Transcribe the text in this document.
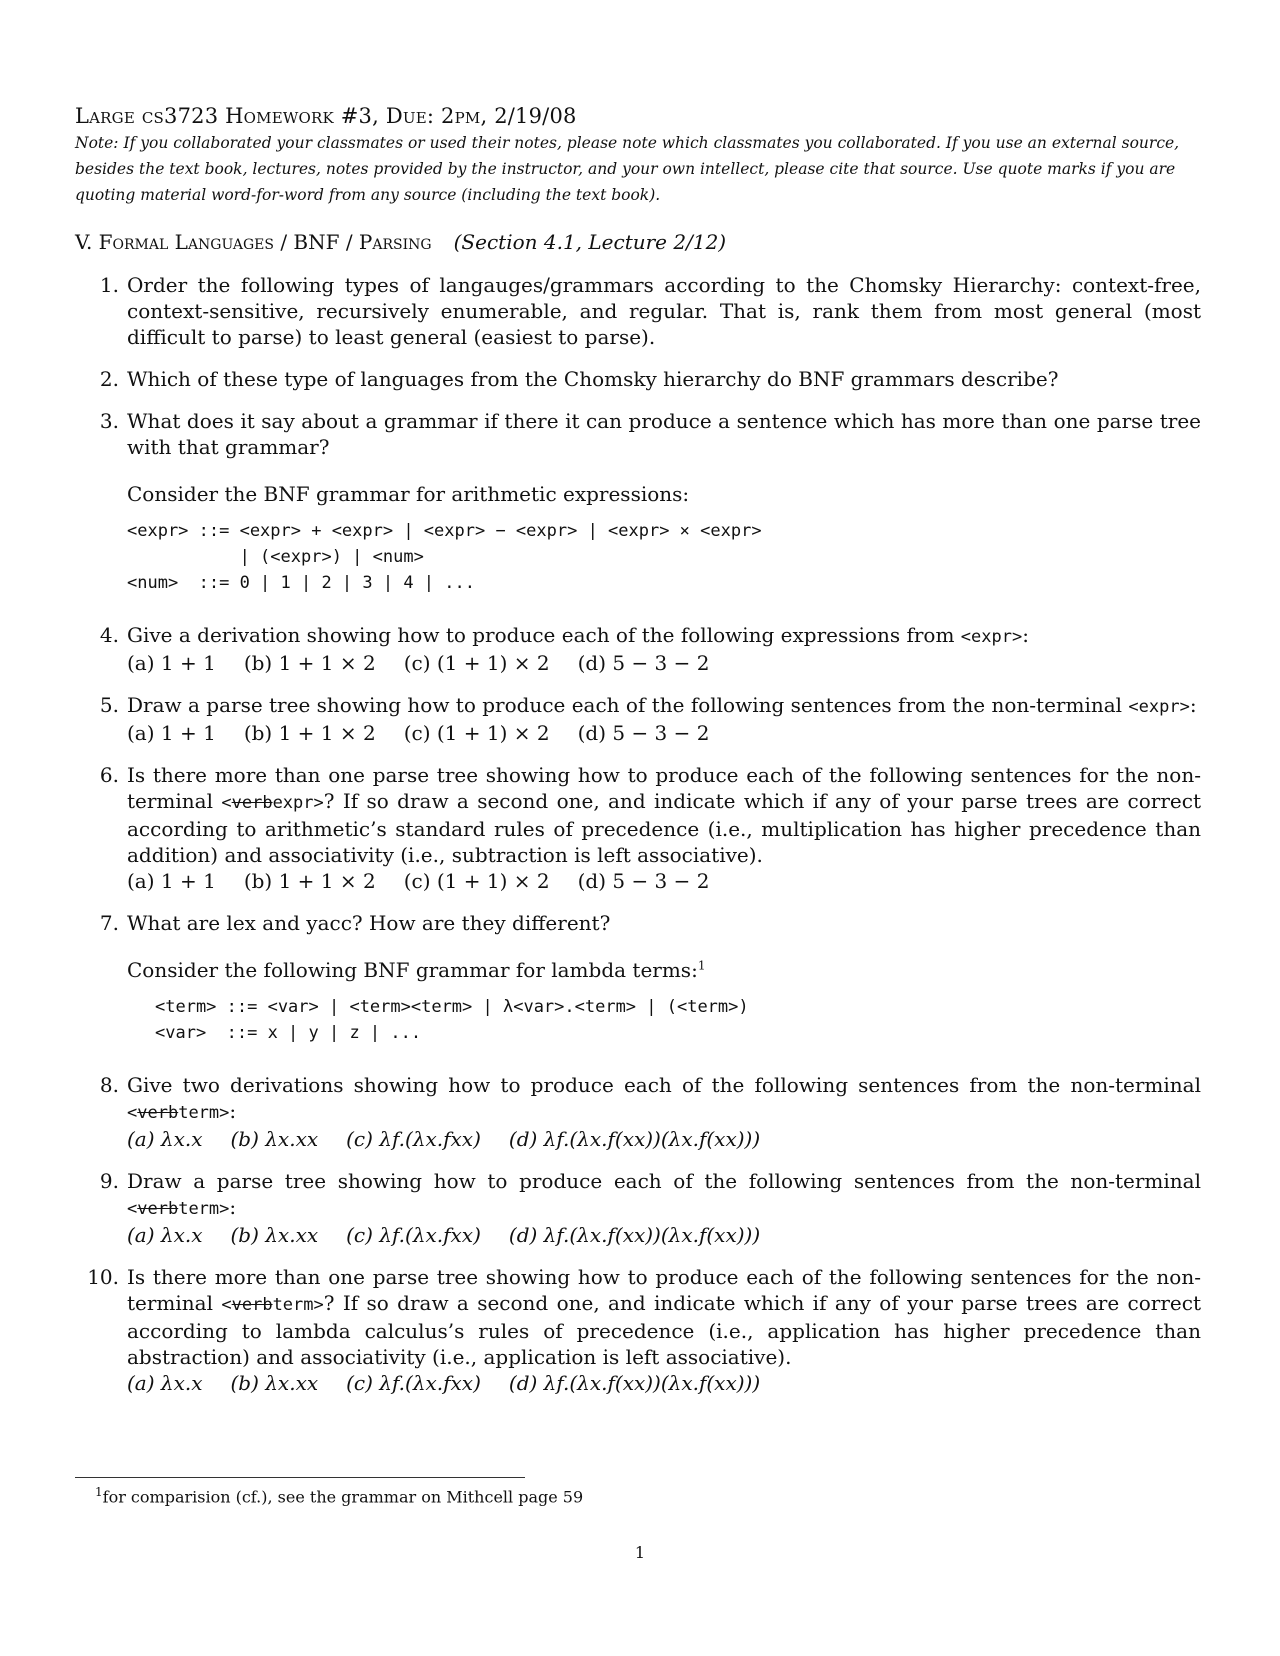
Large cs3723 Homework #3, Due: 2pm, 2/19/08
Note: If you collaborated your classmates or used their notes, please note which classmates you collaborated. If you use an external source, besides the text book, lectures, notes provided by the instructor, and your own intellect, please cite that source. Use quote marks if you are quoting material word-for-word from any source (including the text book).
V. Formal Languages / BNF / Parsing (Section 4.1, Lecture 2/12)
1. Order the following types of langauges/grammars according to the Chomsky Hierarchy: context-free, context-sensitive, recursively enumerable, and regular. That is, rank them from most general (most difficult to parse) to least general (easiest to parse).
2. Which of these type of languages from the Chomsky hierarchy do BNF grammars describe?
3. What does it say about a grammar if there it can produce a sentence which has more than one parse tree with that grammar?
Consider the BNF grammar for arithmetic expressions:
<expr> ::= <expr> + <expr> | <expr> − <expr> | <expr> × <expr>
| (<expr>) | <num>
<num>  ::= 0 | 1 | 2 | 3 | 4 | ...
4. Give a derivation showing how to produce each of the following expressions from <expr>:
(a) 1 + 1 (b) 1 + 1 × 2 (c) (1 + 1) × 2 (d) 5 − 3 − 2
5. Draw a parse tree showing how to produce each of the following sentences from the non-terminal <expr>:
(a) 1 + 1 (b) 1 + 1 × 2 (c) (1 + 1) × 2 (d) 5 − 3 − 2
6. Is there more than one parse tree showing how to produce each of the following sentences for the non-terminal <verbexpr>? If so draw a second one, and indicate which if any of your parse trees are correct according to arithmetic’s standard rules of precedence (i.e., multiplication has higher precedence than addition) and associativity (i.e., subtraction is left associative).
(a) 1 + 1 (b) 1 + 1 × 2 (c) (1 + 1) × 2 (d) 5 − 3 − 2
7. What are lex and yacc? How are they different?
Consider the following BNF grammar for lambda terms:$^1$
<term> ::= <var> | <term><term> | λ<var>.<term> | (<term>)
<var>  ::= x | y | z | ...
8. Give two derivations showing how to produce each of the following sentences from the non-terminal <verbterm>:
(a) λx.x (b) λx.xx (c) λf.(λx.fxx) (d) λf.(λx.f(xx))(λx.f(xx)))
9. Draw a parse tree showing how to produce each of the following sentences from the non-terminal <verbterm>:
(a) λx.x (b) λx.xx (c) λf.(λx.fxx) (d) λf.(λx.f(xx))(λx.f(xx)))
10. Is there more than one parse tree showing how to produce each of the following sentences for the non-terminal <verbterm>? If so draw a second one, and indicate which if any of your parse trees are correct according to lambda calculus’s rules of precedence (i.e., application has higher precedence than abstraction) and associativity (i.e., application is left associative).
(a) λx.x (b) λx.xx (c) λf.(λx.fxx) (d) λf.(λx.f(xx))(λx.f(xx)))
$^1$for comparision (cf.), see the grammar on Mithcell page 59
1
